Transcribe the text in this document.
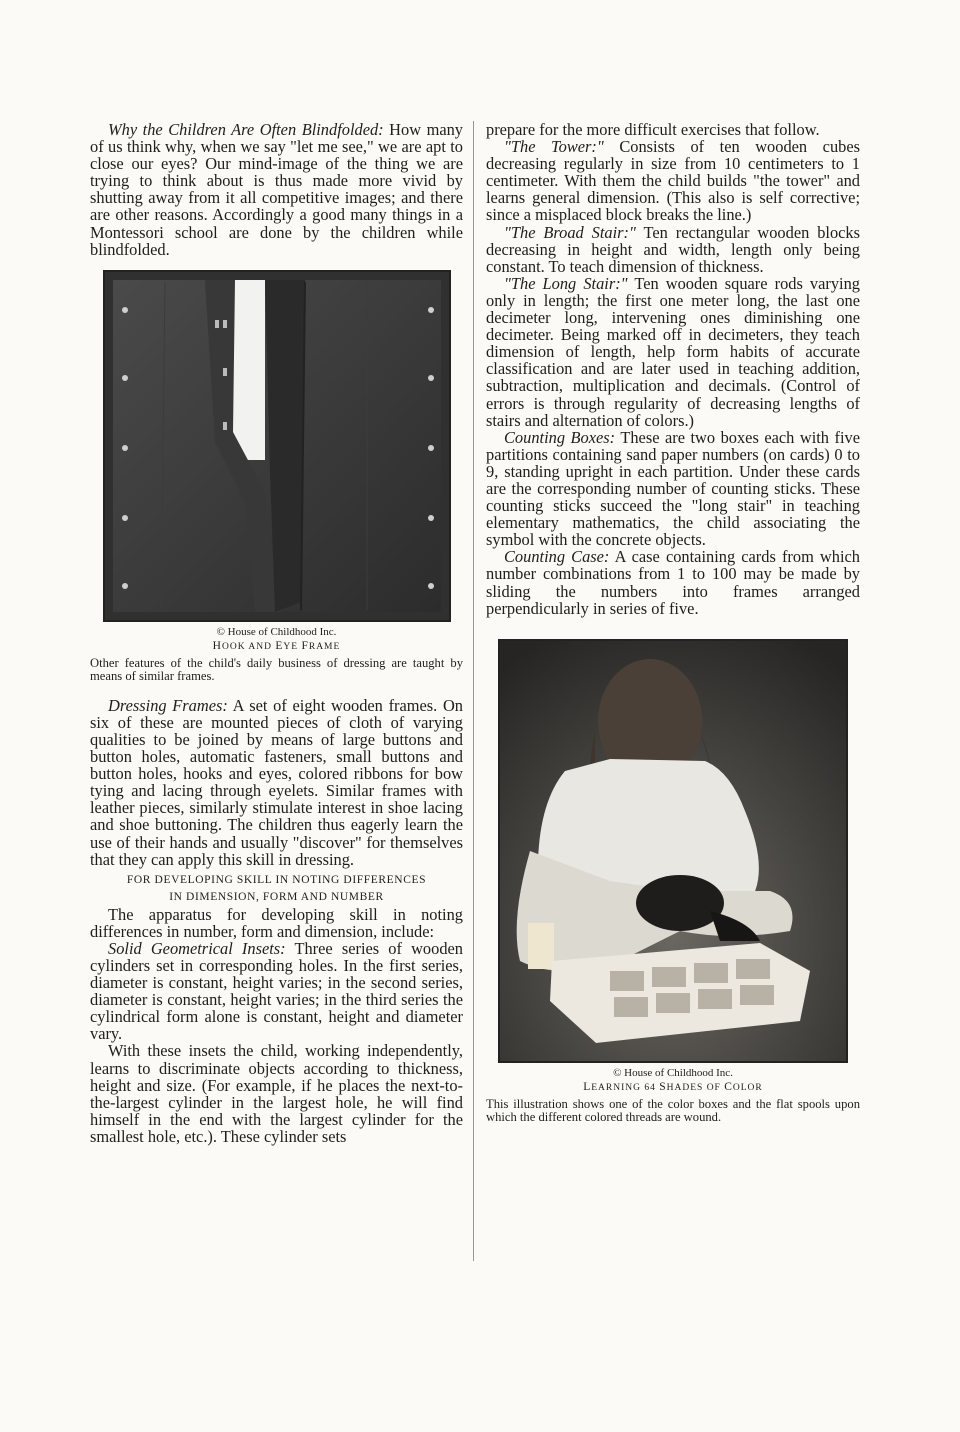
Why the Children Are Often Blindfolded: How many of us think why, when we say "let me see," we are apt to close our eyes? Our mind-image of the thing we are trying to think about is thus made more vivid by shutting away from it all competitive images; and there are other reasons. Accordingly a good many things in a Montessori school are done by the children while blindfolded.

© House of Childhood Inc.
HOOK AND EYE FRAME
Other features of the child's daily business of dressing are taught by means of similar frames.

Dressing Frames: A set of eight wooden frames. On six of these are mounted pieces of cloth of varying qualities to be joined by means of large buttons and button holes, automatic fasteners, small buttons and button holes, hooks and eyes, colored ribbons for bow tying and lacing through eyelets. Similar frames with leather pieces, similarly stimulate interest in shoe lacing and shoe buttoning. The children thus eagerly learn the use of their hands and usually "discover" for themselves that they can apply this skill in dressing.

FOR DEVELOPING SKILL IN NOTING DIFFERENCES
IN DIMENSION, FORM AND NUMBER

The apparatus for developing skill in noting differences in number, form and dimension, include:

Solid Geometrical Insets: Three series of wooden cylinders set in corresponding holes. In the first series, diameter is constant, height varies; in the second series, diameter is constant, height varies; in the third series the cylindrical form alone is constant, height and diameter vary.

With these insets the child, working independently, learns to discriminate objects according to thickness, height and size. (For example, if he places the next-to-the-largest cylinder in the largest hole, he will find himself in the end with the largest cylinder for the smallest hole, etc.). These cylinder sets

prepare for the more difficult exercises that follow.

"The Tower:" Consists of ten wooden cubes decreasing regularly in size from 10 centimeters to 1 centimeter. With them the child builds "the tower" and learns general dimension. (This also is self corrective; since a misplaced block breaks the line.)

"The Broad Stair:" Ten rectangular wooden blocks decreasing in height and width, length only being constant. To teach dimension of thickness.

"The Long Stair:" Ten wooden square rods varying only in length; the first one meter long, the last one decimeter long, intervening ones diminishing one decimeter. Being marked off in decimeters, they teach dimension of length, help form habits of accurate classification and are later used in teaching addition, subtraction, multiplication and decimals. (Control of errors is through regularity of decreasing lengths of stairs and alternation of colors.)

Counting Boxes: These are two boxes each with five partitions containing sand paper numbers (on cards) 0 to 9, standing upright in each partition. Under these cards are the corresponding number of counting sticks. These counting sticks succeed the "long stair" in teaching elementary mathematics, the child associating the symbol with the concrete objects.

Counting Case: A case containing cards from which number combinations from 1 to 100 may be made by sliding the numbers into frames arranged perpendicularly in series of five.

© House of Childhood Inc.
LEARNING 64 SHADES OF COLOR
This illustration shows one of the color boxes and the flat spools upon which the different colored threads are wound.
